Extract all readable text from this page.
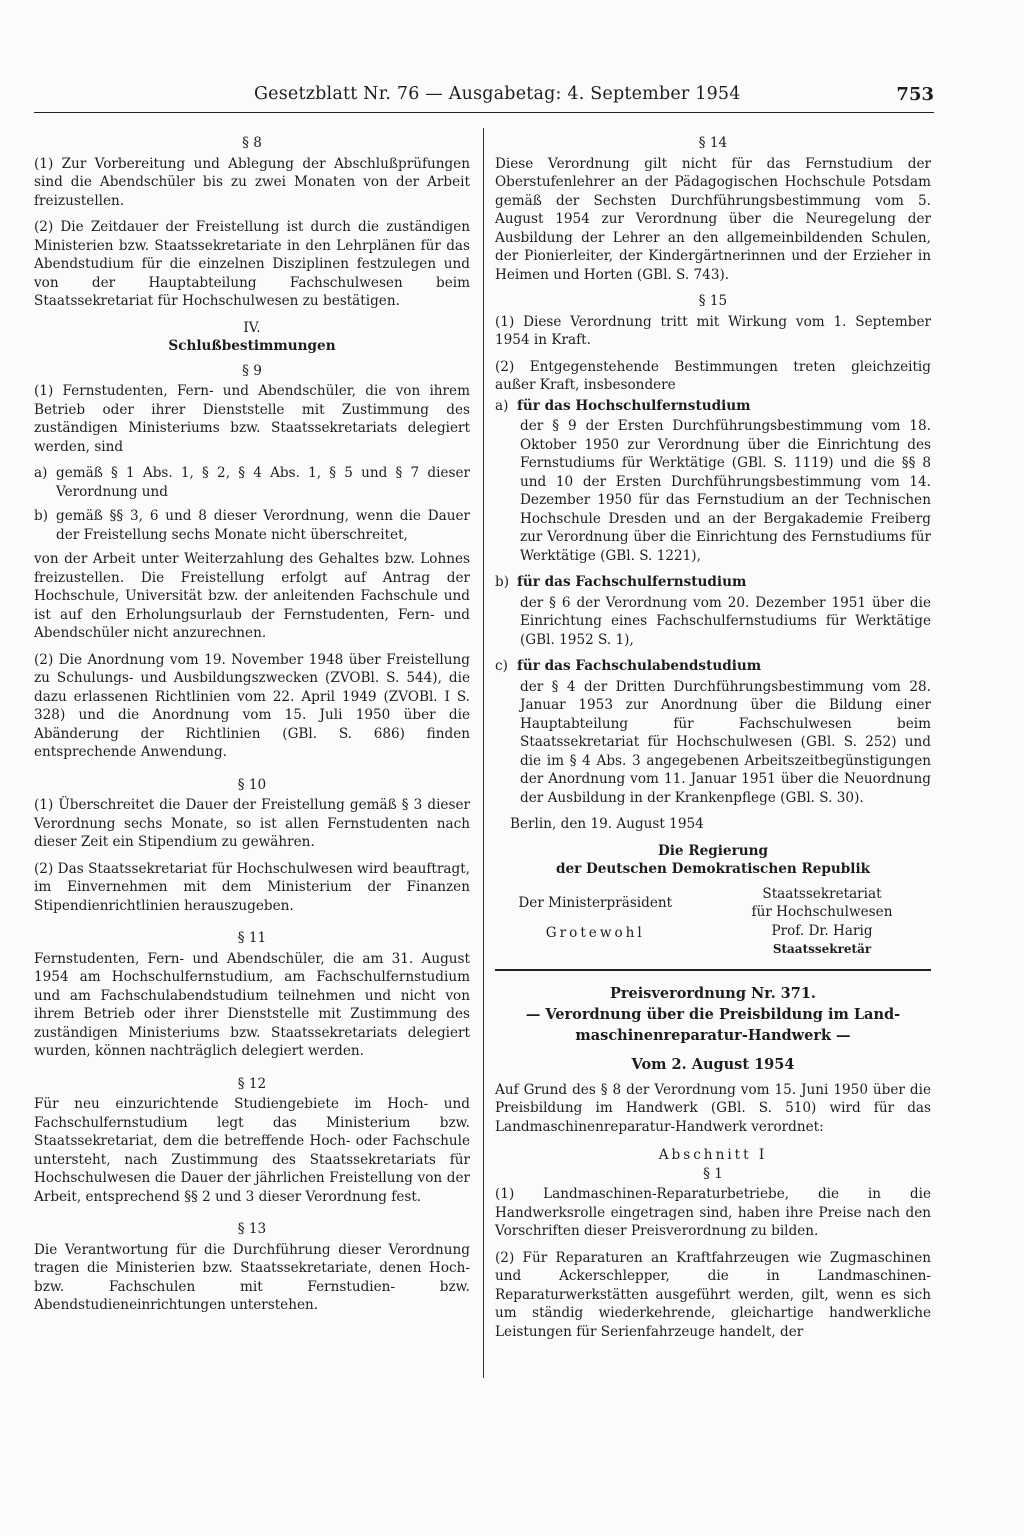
Gesetzblatt Nr. 76 — Ausgabetag: 4. September 1954	753
§ 8

(1) Zur Vorbereitung und Ablegung der Abschlußprüfungen sind die Abendschüler bis zu zwei Monaten von der Arbeit freizustellen.

(2) Die Zeitdauer der Freistellung ist durch die zuständigen Ministerien bzw. Staatssekretariate in den Lehrplänen für das Abendstudium für die einzelnen Disziplinen festzulegen und von der Hauptabteilung Fachschulwesen beim Staatssekretariat für Hochschulwesen zu bestätigen.

IV.
Schlußbestimmungen
§ 9

(1) Fernstudenten, Fern- und Abendschüler, die von ihrem Betrieb oder ihrer Dienststelle mit Zustimmung des zuständigen Ministeriums bzw. Staatssekretariats delegiert werden, sind

a) gemäß § 1 Abs. 1, § 2, § 4 Abs. 1, § 5 und § 7 dieser Verordnung und
b) gemäß §§ 3, 6 und 8 dieser Verordnung, wenn die Dauer der Freistellung sechs Monate nicht überschreitet,

von der Arbeit unter Weiterzahlung des Gehaltes bzw. Lohnes freizustellen. Die Freistellung erfolgt auf Antrag der Hochschule, Universität bzw. der anleitenden Fachschule und ist auf den Erholungsurlaub der Fernstudenten, Fern- und Abendschüler nicht anzurechnen.

(2) Die Anordnung vom 19. November 1948 über Freistellung zu Schulungs- und Ausbildungszwecken (ZVOBl. S. 544), die dazu erlassenen Richtlinien vom 22. April 1949 (ZVOBl. I S. 328) und die Anordnung vom 15. Juli 1950 über die Abänderung der Richtlinien (GBl. S. 686) finden entsprechende Anwendung.

§ 10

(1) Überschreitet die Dauer der Freistellung gemäß § 3 dieser Verordnung sechs Monate, so ist allen Fernstudenten nach dieser Zeit ein Stipendium zu gewähren.

(2) Das Staatssekretariat für Hochschulwesen wird beauftragt, im Einvernehmen mit dem Ministerium der Finanzen Stipendienrichtlinien herauszugeben.

§ 11

Fernstudenten, Fern- und Abendschüler, die am 31. August 1954 am Hochschulfernstudium, am Fachschulfernstudium und am Fachschulabendstudium teilnehmen und nicht von ihrem Betrieb oder ihrer Dienststelle mit Zustimmung des zuständigen Ministeriums bzw. Staatssekretariats delegiert wurden, können nachträglich delegiert werden.

§ 12

Für neu einzurichtende Studiengebiete im Hoch- und Fachschulfernstudium legt das Ministerium bzw. Staatssekretariat, dem die betreffende Hoch- oder Fachschule untersteht, nach Zustimmung des Staatssekretariats für Hochschulwesen die Dauer der jährlichen Freistellung von der Arbeit, entsprechend §§ 2 und 3 dieser Verordnung fest.

§ 13

Die Verantwortung für die Durchführung dieser Verordnung tragen die Ministerien bzw. Staatssekretariate, denen Hoch- bzw. Fachschulen mit Fernstudien- bzw. Abendstudieneinrichtungen unterstehen.

§ 14

Diese Verordnung gilt nicht für das Fernstudium der Oberstufenlehrer an der Pädagogischen Hochschule Potsdam gemäß der Sechsten Durchführungsbestimmung vom 5. August 1954 zur Verordnung über die Neuregelung der Ausbildung der Lehrer an den allgemeinbildenden Schulen, der Pionierleiter, der Kindergärtnerinnen und der Erzieher in Heimen und Horten (GBl. S. 743).

§ 15

(1) Diese Verordnung tritt mit Wirkung vom 1. September 1954 in Kraft.

(2) Entgegenstehende Bestimmungen treten gleichzeitig außer Kraft, insbesondere

a) für das Hochschulfernstudium

der § 9 der Ersten Durchführungsbestimmung vom 18. Oktober 1950 zur Verordnung über die Einrichtung des Fernstudiums für Werktätige (GBl. S. 1119) und die §§ 8 und 10 der Ersten Durchführungsbestimmung vom 14. Dezember 1950 für das Fernstudium an der Technischen Hochschule Dresden und an der Bergakademie Freiberg zur Verordnung über die Einrichtung des Fernstudiums für Werktätige (GBl. S. 1221),

b) für das Fachschulfernstudium

der § 6 der Verordnung vom 20. Dezember 1951 über die Einrichtung eines Fachschulfernstudiums für Werktätige (GBl. 1952 S. 1),

c) für das Fachschulabendstudium

der § 4 der Dritten Durchführungsbestimmung vom 28. Januar 1953 zur Anordnung über die Bildung einer Hauptabteilung für Fachschulwesen beim Staatssekretariat für Hochschulwesen (GBl. S. 252) und die im § 4 Abs. 3 angegebenen Arbeitszeitbegünstigungen der Anordnung vom 11. Januar 1951 über die Neuordnung der Ausbildung in der Krankenpflege (GBl. S. 30).

Berlin, den 19. August 1954

Die Regierung
der Deutschen Demokratischen Republik
Der Ministerpräsident
Grotewohl
Staatssekretariat
für Hochschulwesen
Prof. Dr. Harig
Staatssekretär
Preisverordnung Nr. 371.
— Verordnung über die Preisbildung im Land-
maschinenreparatur-Handwerk —
Vom 2. August 1954

Auf Grund des § 8 der Verordnung vom 15. Juni 1950 über die Preisbildung im Handwerk (GBl. S. 510) wird für das Landmaschinenreparatur-Handwerk verordnet:

Abschnitt I
§ 1

(1) Landmaschinen-Reparaturbetriebe, die in die Handwerksrolle eingetragen sind, haben ihre Preise nach den Vorschriften dieser Preisverordnung zu bilden.

(2) Für Reparaturen an Kraftfahrzeugen wie Zugmaschinen und Ackerschlepper, die in Landmaschinen-Reparaturwerkstätten ausgeführt werden, gilt, wenn es sich um ständig wiederkehrende, gleichartige handwerkliche Leistungen für Serienfahrzeuge handelt, der
